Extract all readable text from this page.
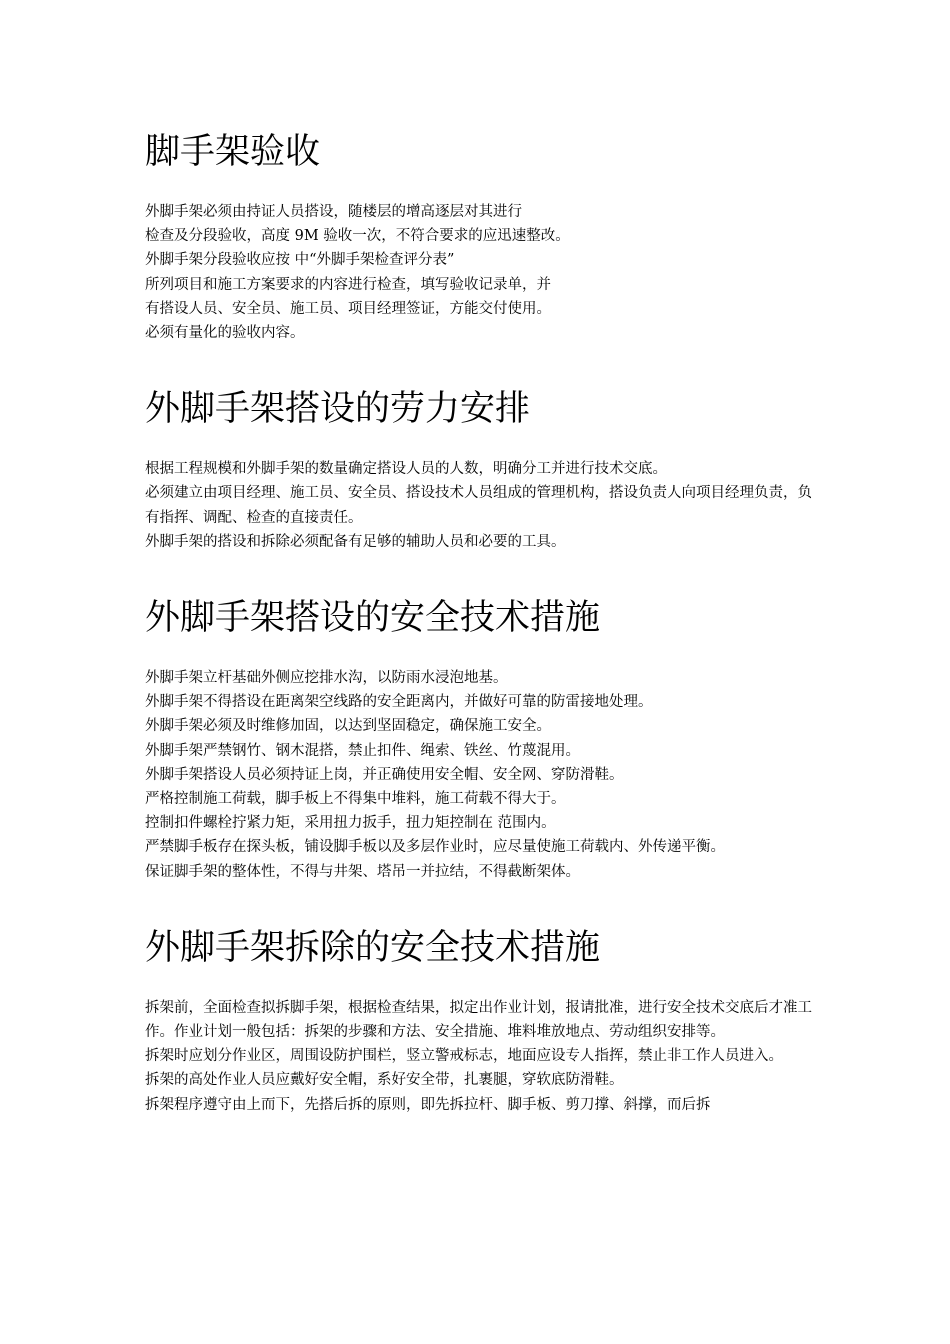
脚手架验收

外脚手架必须由持证人员搭设，随楼层的增高逐层对其进行

检查及分段验收，高度 9M 验收一次，不符合要求的应迅速整改。

外脚手架分段验收应按 中“外脚手架检查评分表”

所列项目和施工方案要求的内容进行检查，填写验收记录单，并

有搭设人员、安全员、施工员、项目经理签证，方能交付使用。

必须有量化的验收内容。

外脚手架搭设的劳力安排

根据工程规模和外脚手架的数量确定搭设人员的人数，明确分工并进行技术交底。

必须建立由项目经理、施工员、安全员、搭设技术人员组成的管理机构，搭设负责人向项目经理负责，负有指挥、调配、检查的直接责任。

外脚手架的搭设和拆除必须配备有足够的辅助人员和必要的工具。

外脚手架搭设的安全技术措施

外脚手架立杆基础外侧应挖排水沟，以防雨水浸泡地基。

外脚手架不得搭设在距离架空线路的安全距离内，并做好可靠的防雷接地处理。

外脚手架必须及时维修加固，以达到坚固稳定，确保施工安全。

外脚手架严禁钢竹、钢木混搭，禁止扣件、绳索、铁丝、竹蔑混用。

外脚手架搭设人员必须持证上岗，并正确使用安全帽、安全网、穿防滑鞋。

严格控制施工荷载，脚手板上不得集中堆料，施工荷载不得大于。

控制扣件螺栓拧紧力矩，采用扭力扳手，扭力矩控制在 范围内。

严禁脚手板存在探头板，铺设脚手板以及多层作业时，应尽量使施工荷载内、外传递平衡。

保证脚手架的整体性，不得与井架、塔吊一并拉结，不得截断架体。

外脚手架拆除的安全技术措施

拆架前，全面检查拟拆脚手架，根据检查结果，拟定出作业计划，报请批准，进行安全技术交底后才准工作。作业计划一般包括：拆架的步骤和方法、安全措施、堆料堆放地点、劳动组织安排等。

拆架时应划分作业区，周围设防护围栏，竖立警戒标志，地面应设专人指挥，禁止非工作人员进入。

拆架的高处作业人员应戴好安全帽，系好安全带，扎裹腿，穿软底防滑鞋。

拆架程序遵守由上而下，先搭后拆的原则，即先拆拉杆、脚手板、剪刀撑、斜撑，而后拆
